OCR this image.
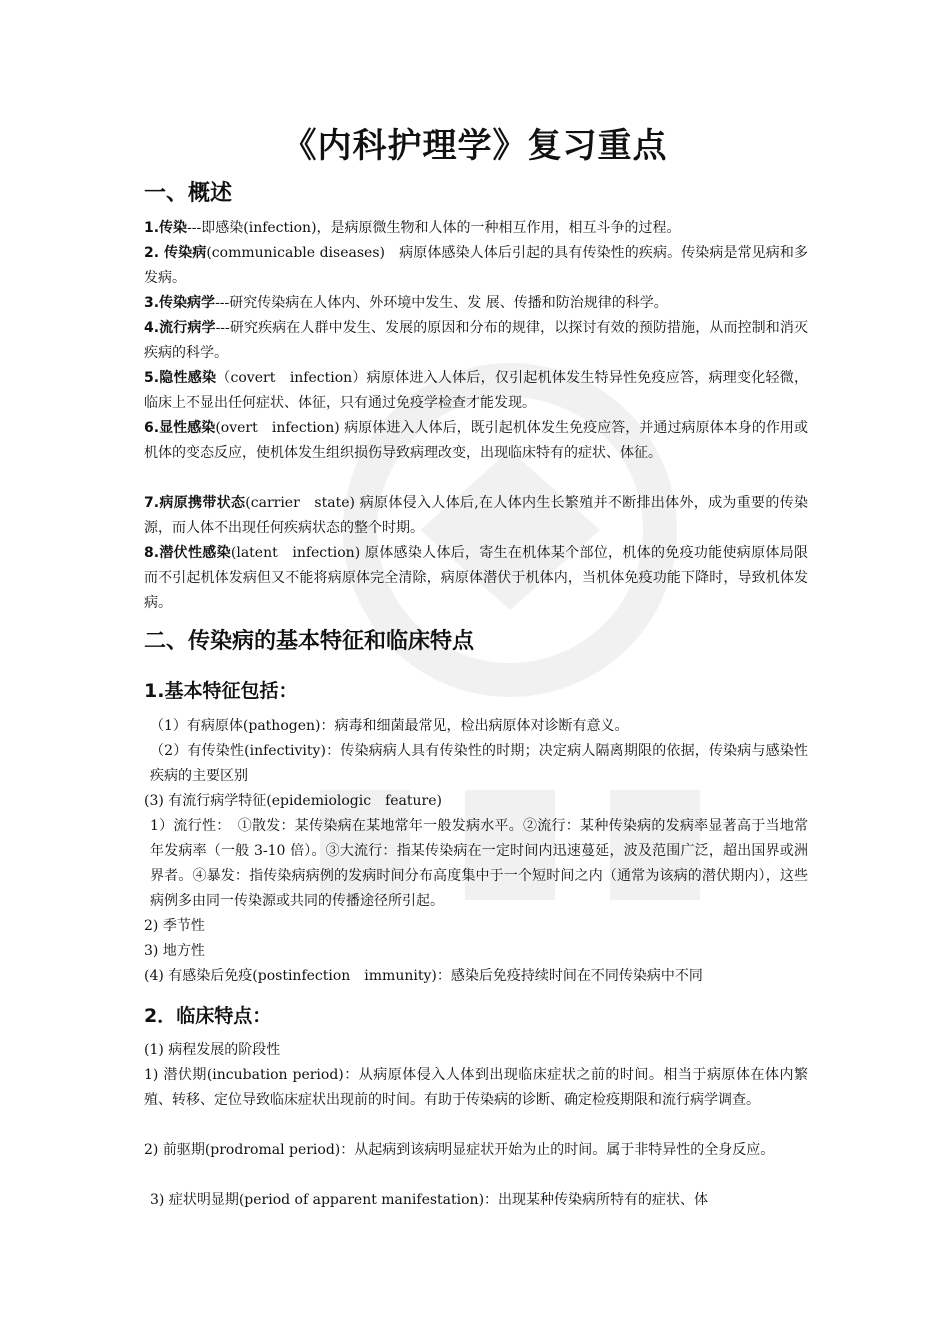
《内科护理学》复习重点
一、概述

1.传染---即感染(infection)，是病原微生物和人体的一种相互作用，相互斗争的过程。

2. 传染病(communicable diseases)　病原体感染人体后引起的具有传染性的疾病。传染病是常见病和多发病。

3.传染病学---研究传染病在人体内、外环境中发生、发 展、传播和防治规律的科学。

4.流行病学---研究疾病在人群中发生、发展的原因和分布的规律，以探讨有效的预防措施，从而控制和消灭疾病的科学。

5.隐性感染（covert　infection）病原体进入人体后，仅引起机体发生特异性免疫应答，病理变化轻微，临床上不显出任何症状、体征，只有通过免疫学检查才能发现。

6.显性感染(overt　infection) 病原体进入人体后，既引起机体发生免疫应答，并通过病原体本身的作用或机体的变态反应，使机体发生组织损伤导致病理改变，出现临床特有的症状、体征。

7.病原携带状态(carrier　state) 病原体侵入人体后,在人体内生长繁殖并不断排出体外，成为重要的传染源，而人体不出现任何疾病状态的整个时期。

8.潜伏性感染(latent　infection) 原体感染人体后，寄生在机体某个部位，机体的免疫功能使病原体局限而不引起机体发病但又不能将病原体完全清除，病原体潜伏于机体内，当机体免疫功能下降时，导致机体发病。

二、传染病的基本特征和临床特点
1.基本特征包括：

（1）有病原体(pathogen)：病毒和细菌最常见，检出病原体对诊断有意义。

（2）有传染性(infectivity)：传染病病人具有传染性的时期；决定病人隔离期限的依据，传染病与感染性疾病的主要区别

(3) 有流行病学特征(epidemiologic　feature)

1）流行性：　①散发：某传染病在某地常年一般发病水平。②流行：某种传染病的发病率显著高于当地常年发病率（一般 3-10 倍）。③大流行：指某传染病在一定时间内迅速蔓延，波及范围广泛，超出国界或洲界者。④暴发：指传染病病例的发病时间分布高度集中于一个短时间之内（通常为该病的潜伏期内），这些病例多由同一传染源或共同的传播途径所引起。

2) 季节性

3) 地方性

(4) 有感染后免疫(postinfection　immunity)：感染后免疫持续时间在不同传染病中不同

2．临床特点：

(1) 病程发展的阶段性

1) 潜伏期(incubation period)：从病原体侵入人体到出现临床症状之前的时间。相当于病原体在体内繁殖、转移、定位导致临床症状出现前的时间。有助于传染病的诊断、确定检疫期限和流行病学调查。

2) 前驱期(prodromal period)：从起病到该病明显症状开始为止的时间。属于非特异性的全身反应。

3) 症状明显期(period of apparent manifestation)：出现某种传染病所特有的症状、体
